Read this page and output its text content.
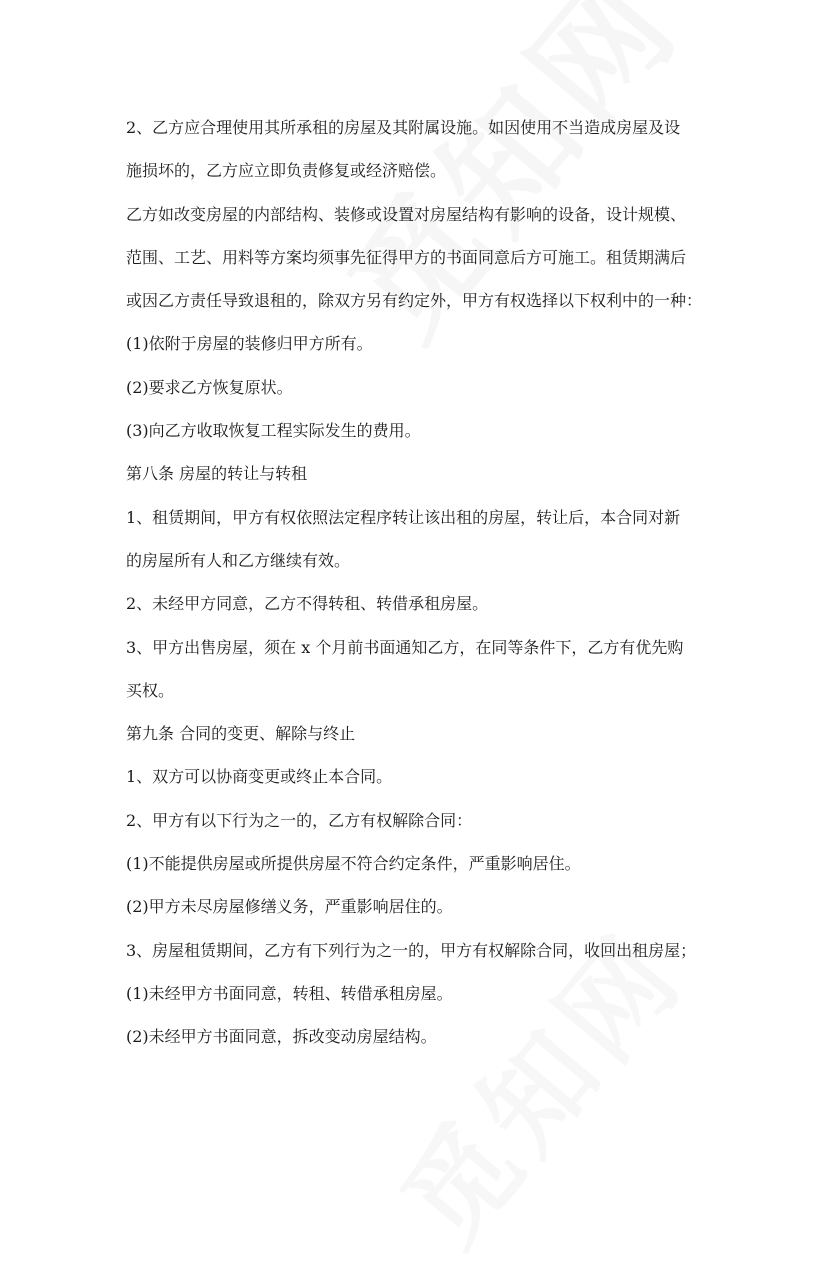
2、乙方应合理使用其所承租的房屋及其附属设施。如因使用不当造成房屋及设
施损坏的，乙方应立即负责修复或经济赔偿。
乙方如改变房屋的内部结构、装修或设置对房屋结构有影响的设备，设计规模、
范围、工艺、用料等方案均须事先征得甲方的书面同意后方可施工。租赁期满后
或因乙方责任导致退租的，除双方另有约定外，甲方有权选择以下权利中的一种：
(1)依附于房屋的装修归甲方所有。
(2)要求乙方恢复原状。
(3)向乙方收取恢复工程实际发生的费用。
第八条 房屋的转让与转租
1、租赁期间，甲方有权依照法定程序转让该出租的房屋，转让后，本合同对新
的房屋所有人和乙方继续有效。
2、未经甲方同意，乙方不得转租、转借承租房屋。
3、甲方出售房屋，须在 x 个月前书面通知乙方，在同等条件下，乙方有优先购
买权。
第九条 合同的变更、解除与终止
1、双方可以协商变更或终止本合同。
2、甲方有以下行为之一的，乙方有权解除合同：
(1)不能提供房屋或所提供房屋不符合约定条件，严重影响居住。
(2)甲方未尽房屋修缮义务，严重影响居住的。
3、房屋租赁期间，乙方有下列行为之一的，甲方有权解除合同，收回出租房屋；
(1)未经甲方书面同意，转租、转借承租房屋。
(2)未经甲方书面同意，拆改变动房屋结构。
